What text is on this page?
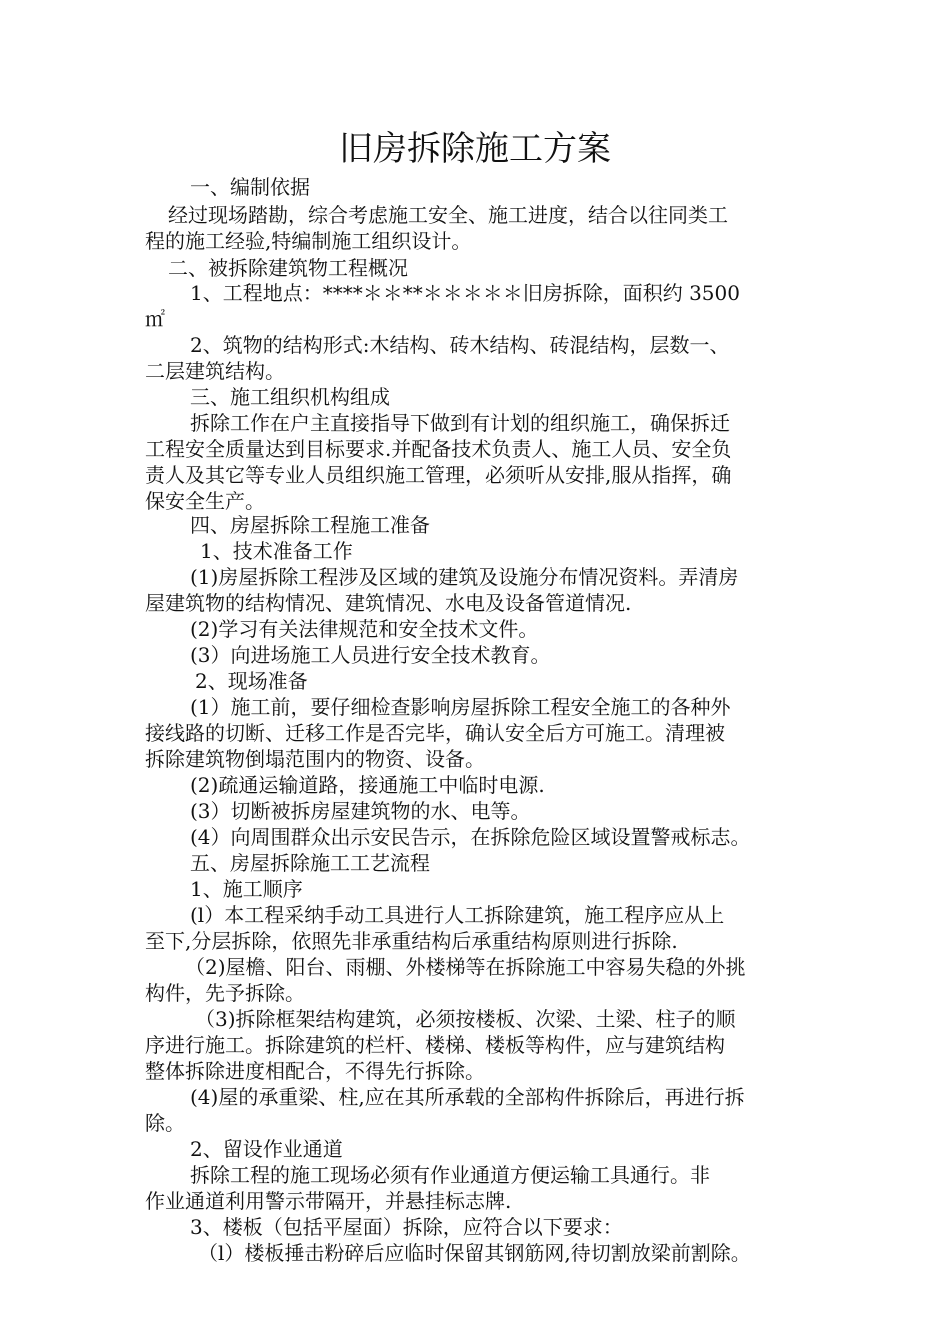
旧房拆除施工方案
一、编制依据
经过现场踏勘，综合考虑施工安全、施工进度，结合以往同类工
程的施工经验,特编制施工组织设计。
二、被拆除建筑物工程概况
1、工程地点：****＊＊**＊＊＊＊＊旧房拆除，面积约 3500
㎡
2、筑物的结构形式:木结构、砖木结构、砖混结构，层数一、
二层建筑结构。
三、施工组织机构组成
拆除工作在户主直接指导下做到有计划的组织施工，确保拆迁
工程安全质量达到目标要求.并配备技术负责人、施工人员、安全负
责人及其它等专业人员组织施工管理，必须听从安排,服从指挥，确
保安全生产。
四、房屋拆除工程施工准备
1、技术准备工作
(1)房屋拆除工程涉及区域的建筑及设施分布情况资料。弄清房
屋建筑物的结构情况、建筑情况、水电及设备管道情况.
(2)学习有关法律规范和安全技术文件。
(3）向进场施工人员进行安全技术教育。
2、现场准备
(1）施工前，要仔细检查影响房屋拆除工程安全施工的各种外
接线路的切断、迁移工作是否完毕，确认安全后方可施工。清理被
拆除建筑物倒塌范围内的物资、设备。
(2)疏通运输道路，接通施工中临时电源.
(3）切断被拆房屋建筑物的水、电等。
(4）向周围群众出示安民告示，在拆除危险区域设置警戒标志。
五、房屋拆除施工工艺流程
1、施工顺序
(l）本工程采纳手动工具进行人工拆除建筑，施工程序应从上
至下,分层拆除，依照先非承重结构后承重结构原则进行拆除.
（2)屋檐、阳台、雨棚、外楼梯等在拆除施工中容易失稳的外挑
构件，先予拆除。
（3)拆除框架结构建筑，必须按楼板、次梁、土梁、柱子的顺
序进行施工。拆除建筑的栏杆、楼梯、楼板等构件，应与建筑结构
整体拆除进度相配合，不得先行拆除。
(4)屋的承重梁、柱,应在其所承载的全部构件拆除后，再进行拆
除。
2、留设作业通道
拆除工程的施工现场必须有作业通道方便运输工具通行。非
作业通道利用警示带隔开，并悬挂标志牌.
3、楼板（包括平屋面）拆除，应符合以下要求：
（l）楼板捶击粉碎后应临时保留其钢筋网,待切割放梁前割除。
